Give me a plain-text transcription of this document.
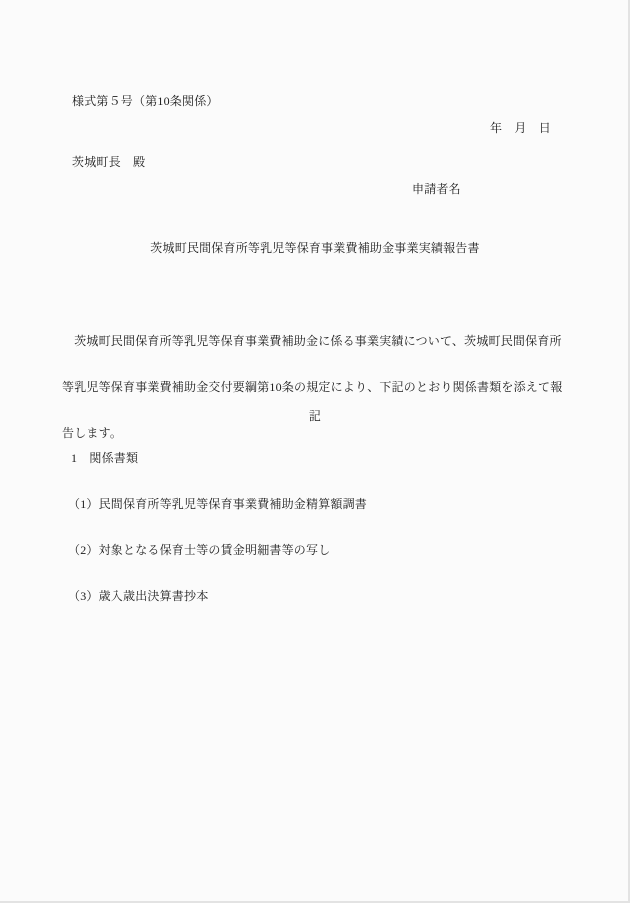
様式第５号（第10条関係）
年　月　日
茨城町長　殿
申請者名
茨城町民間保育所等乳児等保育事業費補助金事業実績報告書

　茨城町民間保育所等乳児等保育事業費補助金に係る事業実績について、茨城町民間保育所

等乳児等保育事業費補助金交付要綱第10条の規定により、下記のとおり関係書類を添えて報

告します。

記
1　関係書類

（1）民間保育所等乳児等保育事業費補助金精算額調書

（2）対象となる保育士等の賃金明細書等の写し

（3）歳入歳出決算書抄本
